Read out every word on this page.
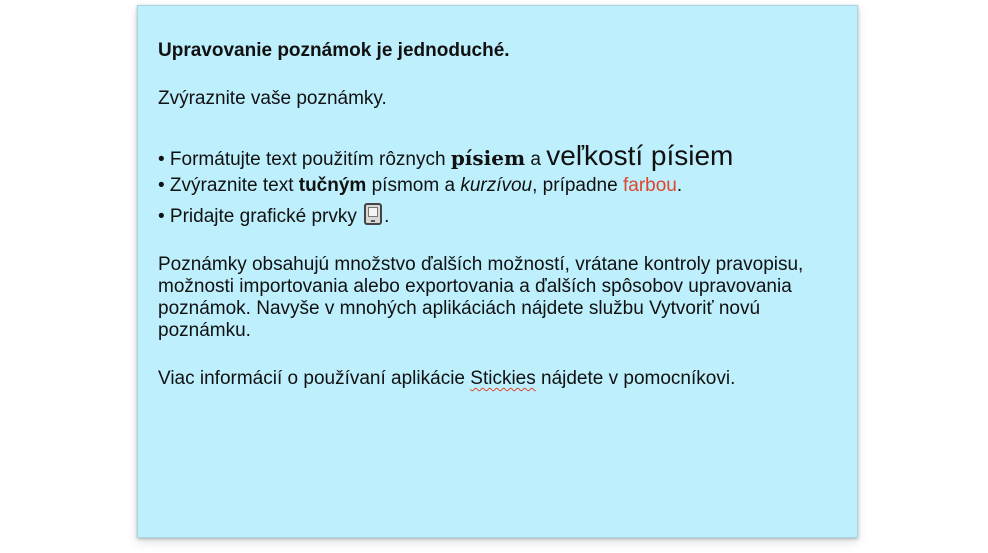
Upravovanie poznámok je jednoduché.

Zvýraznite vaše poznámky.

• Formátujte text použitím rôznych písiem a veľkostí písiem

• Zvýraznite text tučným písmom a kurzívou, prípadne farbou.

• Pridajte grafické prvky .

Poznámky obsahujú množstvo ďalších možností, vrátane kontroly pravopisu, možnosti importovania alebo exportovania a ďalších spôsobov upravovania poznámok. Navyše v mnohých aplikáciách nájdete službu Vytvoriť novú poznámku.

Viac informácií o používaní aplikácie Stickies nájdete v pomocníkovi.
